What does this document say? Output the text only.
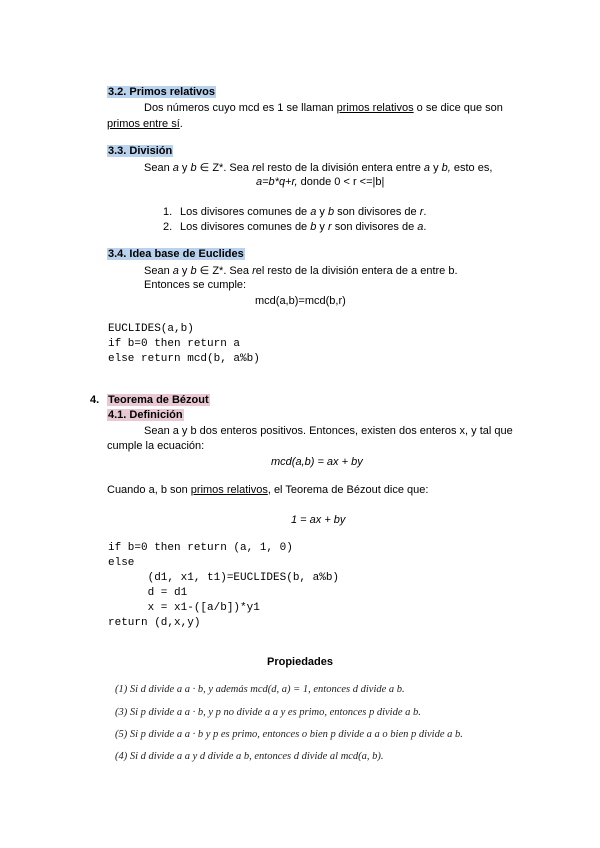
3.2. Primos relativos
Dos números cuyo mcd es 1 se llaman primos relativos o se dice que son
primos entre sí.
3.3. División
Sean a y b ∈ Z*. Sea rel resto de la división entera entre a y b, esto es,
a=b*q+r, donde 0 < r <=|b|
1. Los divisores comunes de a y b son divisores de r.
2. Los divisores comunes de b y r son divisores de a.
3.4. Idea base de Euclides
Sean a y b ∈ Z*. Sea rel resto de la división entera de a entre b.
Entonces se cumple:
mcd(a,b)=mcd(b,r)
EUCLIDES(a,b)
if b=0 then return a
else return mcd(b, a%b)
4. Teorema de Bézout
4.1. Definición
Sean a y b dos enteros positivos. Entonces, existen dos enteros x, y tal que
cumple la ecuación:
mcd(a,b) = ax + by
Cuando a, b son primos relativos, el Teorema de Bézout dice que:
1 = ax + by
if b=0 then return (a, 1, 0)
else
(d1, x1, t1)=EUCLIDES(b, a%b)
d = d1
x = x1-([a/b])*y1
return (d,x,y)
Propiedades
(1) Si d divide a a · b, y además mcd(d, a) = 1, entonces d divide a b.
(3) Si p divide a a · b, y p no divide a a y es primo, entonces p divide a b.
(5) Si p divide a a · b y p es primo, entonces o bien p divide a a o bien p divide a b.
(4) Si d divide a a y d divide a b, entonces d divide al mcd(a, b).
